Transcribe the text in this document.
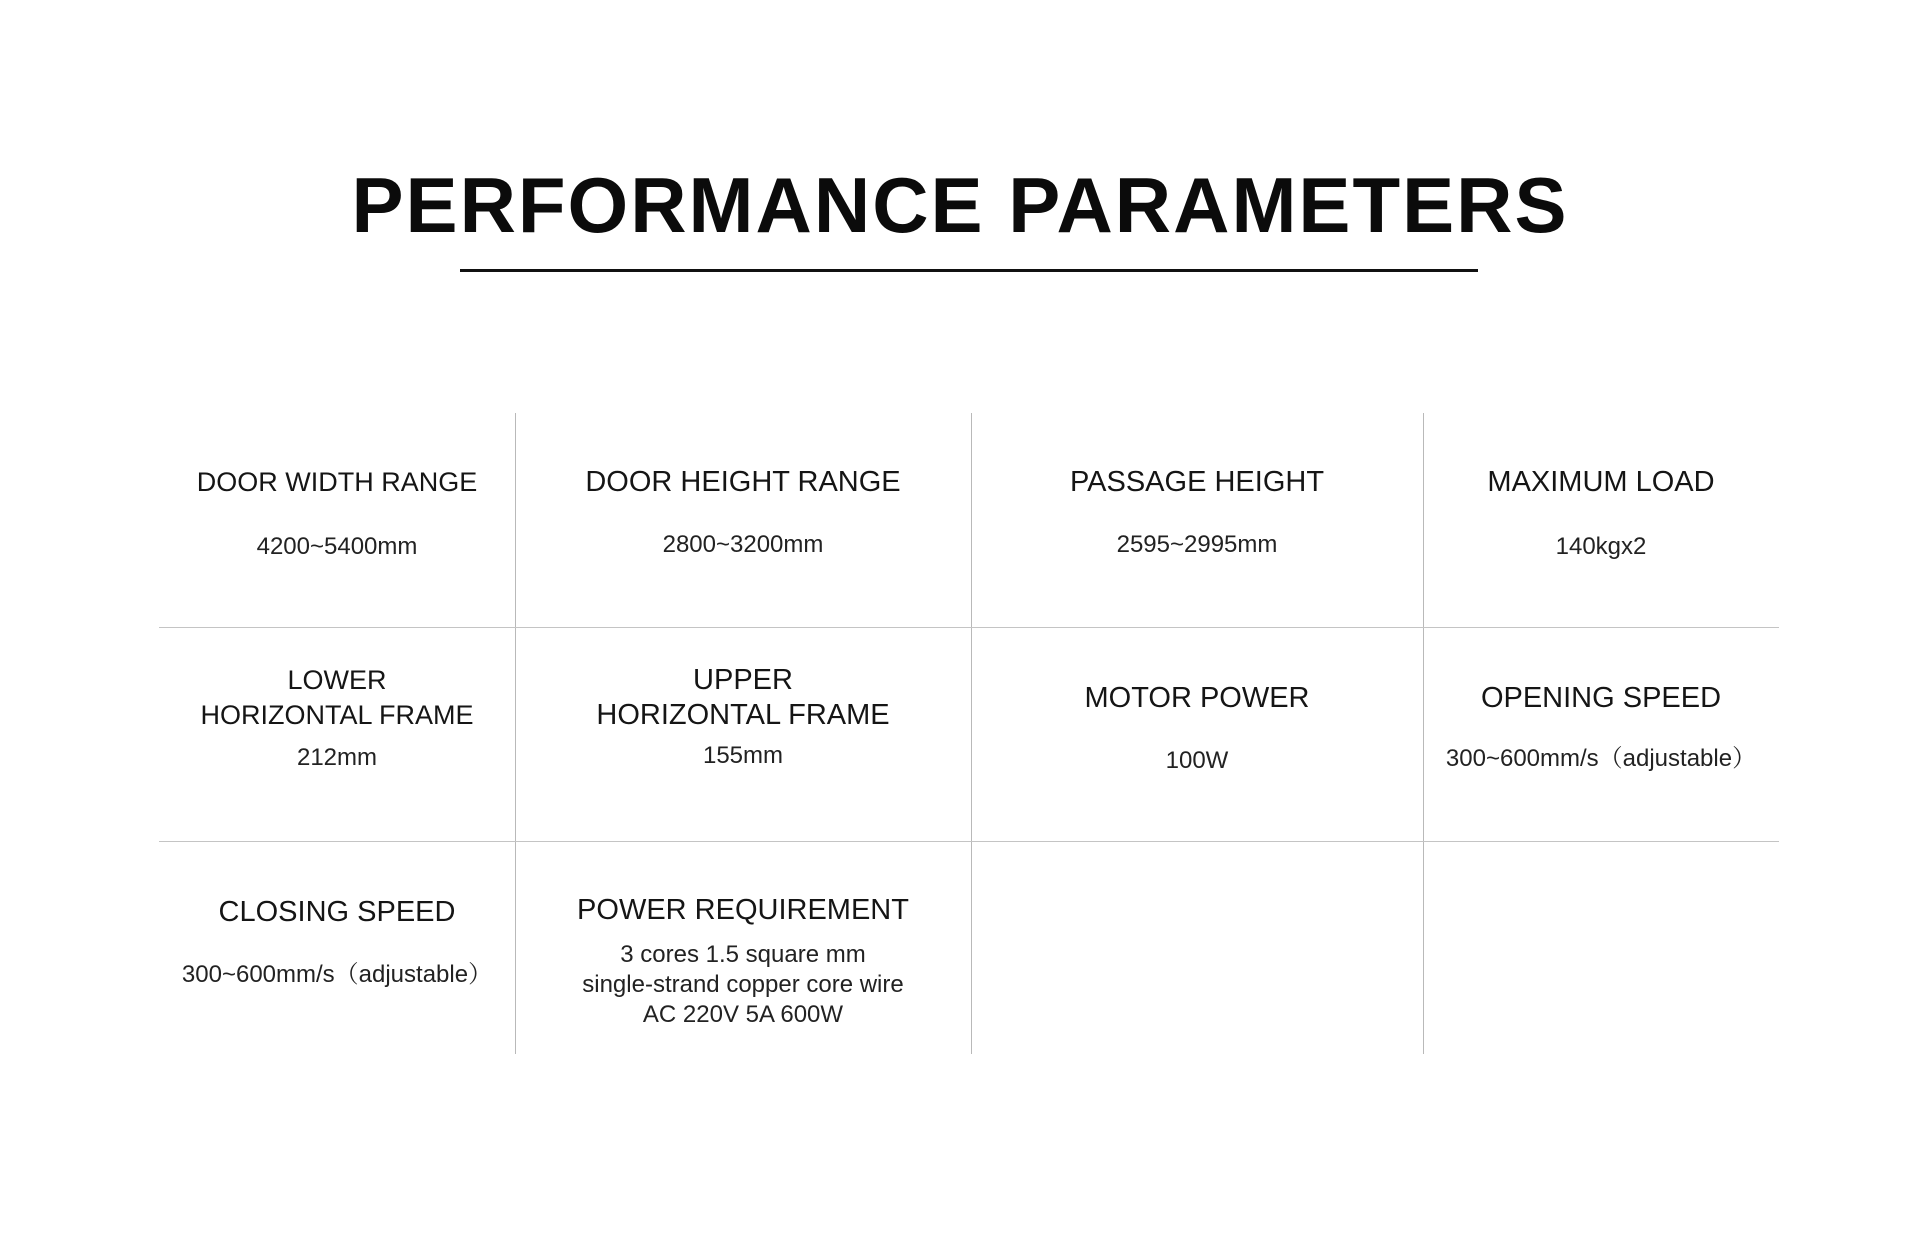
PERFORMANCE PARAMETERS
DOOR WIDTH RANGE
4200~5400mm
DOOR HEIGHT RANGE
2800~3200mm
PASSAGE HEIGHT
2595~2995mm
MAXIMUM LOAD
140kgx2
LOWER
HORIZONTAL FRAME
212mm
UPPER
HORIZONTAL FRAME
155mm
MOTOR POWER
100W
OPENING SPEED
300~600mm/s（adjustable）
CLOSING SPEED
300~600mm/s（adjustable）
POWER REQUIREMENT
3 cores 1.5 square mm
single-strand copper core wire
AC 220V 5A 600W
